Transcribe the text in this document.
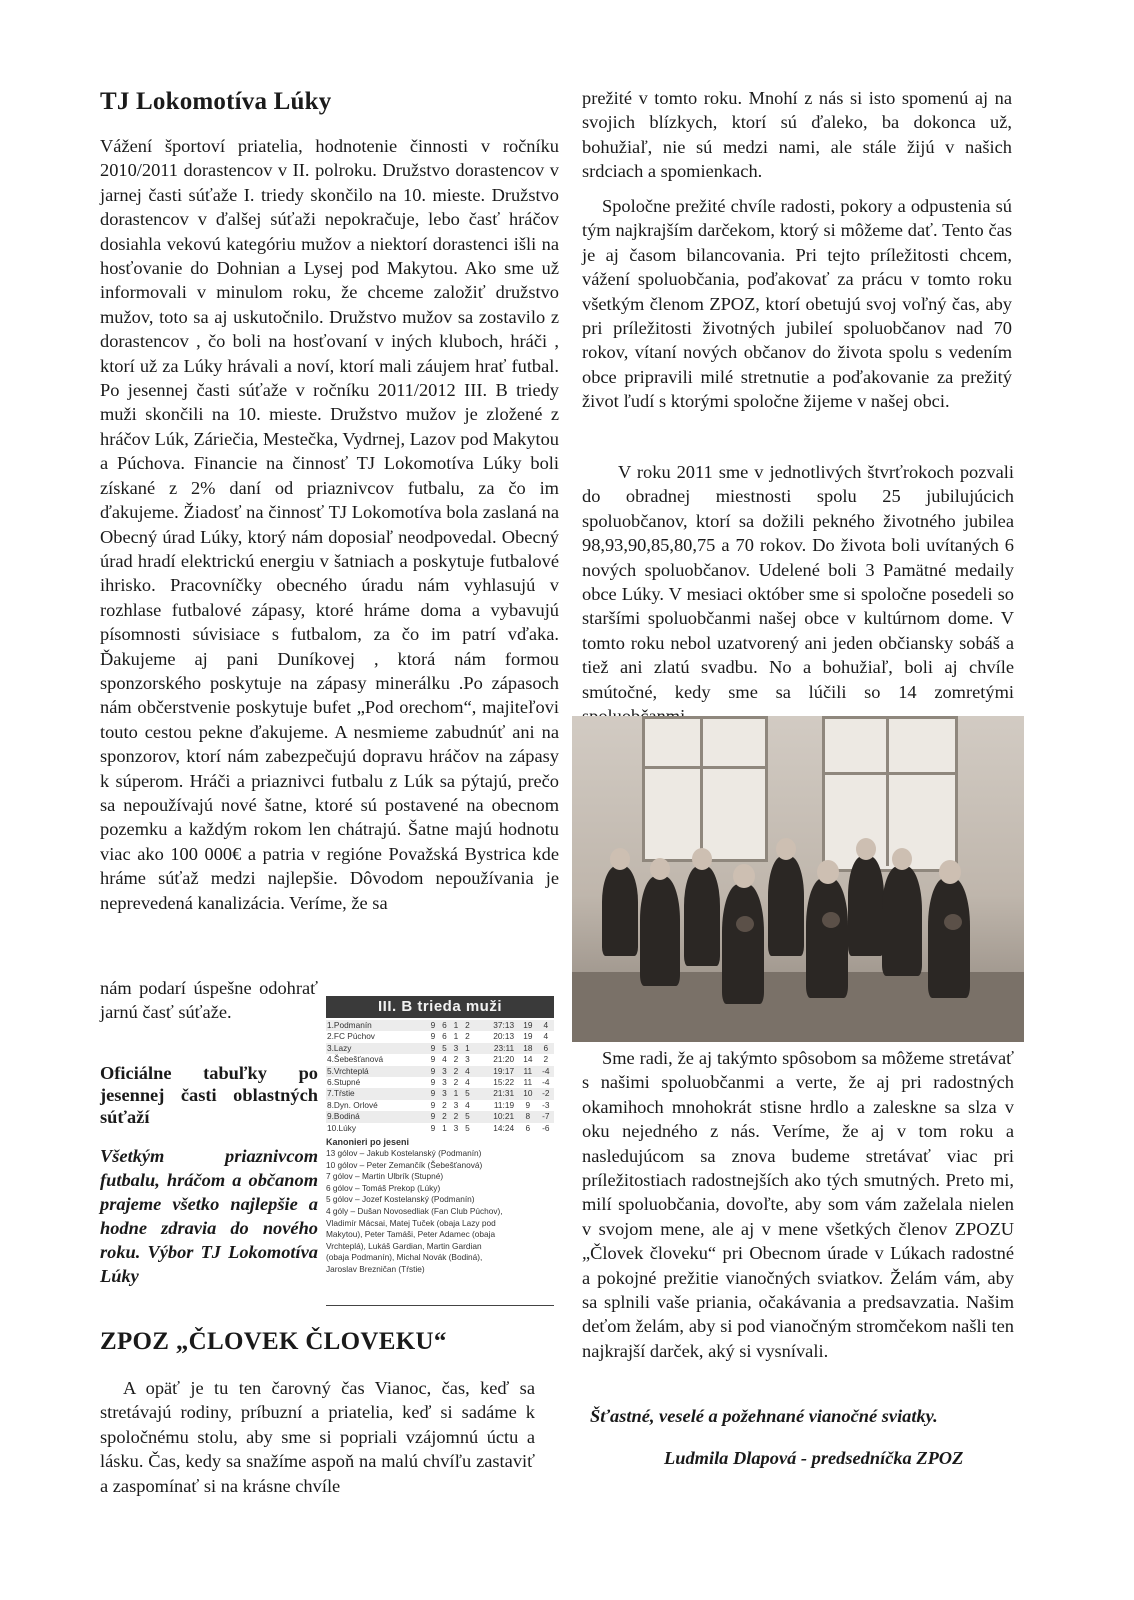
TJ Lokomotíva Lúky

Vážení športoví priatelia, hodnotenie činnosti v ročníku 2010/2011 dorastencov v II. polroku. Družstvo dorastencov v jarnej časti súťaže I. triedy skončilo na 10. mieste. Družstvo dorastencov v ďalšej súťaži nepokračuje, lebo časť hráčov dosiahla vekovú kategóriu mužov a niektorí dorastenci išli na hosťovanie do Dohnian a Lysej pod Makytou. Ako sme už informovali v minulom roku, že chceme založiť družstvo mužov, toto sa aj uskutočnilo. Družstvo mužov sa zostavilo z dorastencov , čo boli na hosťovaní v iných kluboch, hráči , ktorí už za Lúky hrávali a noví, ktorí mali záujem hrať futbal. Po jesennej časti súťaže v ročníku 2011/2012 III. B triedy muži skončili na 10. mieste. Družstvo mužov je zložené z hráčov Lúk, Záriečia, Mestečka, Vydrnej, Lazov pod Makytou a Púchova. Financie na činnosť TJ Lokomotíva Lúky boli získané z 2% daní od priaznivcov futbalu, za čo im ďakujeme. Žiadosť na činnosť TJ Lokomotíva bola zaslaná na Obecný úrad Lúky, ktorý nám doposiaľ neodpovedal. Obecný úrad hradí elektrickú energiu v šatniach a poskytuje futbalové ihrisko. Pracovníčky obecného úradu nám vyhlasujú v rozhlase futbalové zápasy, ktoré hráme doma a vybavujú písomnosti súvisiace s futbalom, za čo im patrí vďaka. Ďakujeme aj pani Duníkovej , ktorá nám formou sponzorského poskytuje na zápasy minerálku .Po zápasoch nám občerstvenie poskytuje bufet „Pod orechom“, majiteľovi touto cestou pekne ďakujeme. A nesmieme zabudnúť ani na sponzorov, ktorí nám zabezpečujú dopravu hráčov na zápasy k súperom. Hráči a priaznivci futbalu z Lúk sa pýtajú, prečo sa nepoužívajú nové šatne, ktoré sú postavené na obecnom pozemku a každým rokom len chátrajú. Šatne majú hodnotu viac ako 100 000€ a patria v regióne Považská Bystrica kde hráme súťaž medzi najlepšie. Dôvodom nepoužívania je neprevedená kanalizácia. Veríme, že sa

nám podarí úspešne odohrať jarnú časť súťaže.

Oficiálne tabuľky po jesennej časti oblastných súťaží
Všetkým priaznivcom futbalu, hráčom a občanom prajeme všetko najlepšie a hodne zdravia do nového roku. Výbor TJ Lokomotíva Lúky
III. B trieda muži
1.Podmanín	9	6	1	2	37:13	19	4
2.FC Púchov	9	6	1	2	20:13	19	4
3.Lazy	9	5	3	1	23:11	18	6
4.Šebešťanová	9	4	2	3	21:20	14	2
5.Vrchteplá	9	3	2	4	19:17	11	-4
6.Stupné	9	3	2	4	15:22	11	-4
7.Tŕstie	9	3	1	5	21:31	10	-2
8.Dyn. Orlové	9	2	3	4	11:19	9	-3
9.Bodiná	9	2	2	5	10:21	8	-7
10.Lúky	9	1	3	5	14:24	6	-6
Kanonieri po jeseni
13 gólov – Jakub Kostelanský (Podmanín)
10 gólov – Peter Zemančík (Šebešťanová)
7 gólov – Martin Ulbrík (Stupné)
6 gólov – Tomáš Prekop (Lúky)
5 gólov – Jozef Kostelanský (Podmanín)
4 góly – Dušan Novosedliak (Fan Club Púchov),
Vladimír Mácsai, Matej Tuček (obaja Lazy pod
Makytou), Peter Tamáši, Peter Adamec (obaja
Vrchteplá), Lukáš Gardian, Martin Gardian
(obaja Podmanín), Michal Novák (Bodiná),
Jaroslav Brezničan (Tŕstie)
ZPOZ „ČLOVEK ČLOVEKU“

A opäť je tu ten čarovný čas Vianoc, čas, keď sa stretávajú rodiny, príbuzní a priatelia, keď si sadáme k spoločnému stolu, aby sme si popriali vzájomnú úctu a lásku. Čas, kedy sa snažíme aspoň na malú chvíľu zastaviť a zaspomínať si na krásne chvíle

prežité v tomto roku. Mnohí z nás si isto spomenú aj na svojich blízkych, ktorí sú ďaleko, ba dokonca už, bohužiaľ, nie sú medzi nami, ale stále žijú v našich srdciach a spomienkach.

Spoločne prežité chvíle radosti, pokory a odpustenia sú tým najkrajším darčekom, ktorý si môžeme dať. Tento čas je aj časom bilancovania. Pri tejto príležitosti chcem, vážení spoluobčania, poďakovať za prácu v tomto roku všetkým členom ZPOZ, ktorí obetujú svoj voľný čas, aby pri príležitosti životných jubileí spoluobčanov nad 70 rokov, vítaní nových občanov do života spolu s vedením obce pripravili milé stretnutie a poďakovanie za prežitý život ľudí s ktorými spoločne žijeme v našej obci.

V roku 2011 sme v jednotlivých štvrťrokoch pozvali do obradnej miestnosti spolu 25 jubilujúcich spoluobčanov, ktorí sa dožili pekného životného jubilea 98,93,90,85,80,75 a 70 rokov. Do života boli uvítaných 6 nových spoluobčanov. Udelené boli 3 Pamätné medaily obce Lúky. V mesiaci október sme si spoločne posedeli so staršími spoluobčanmi našej obce v kultúrnom dome. V tomto roku nebol uzatvorený ani jeden občiansky sobáš a tiež ani zlatú svadbu. No a bohužiaľ, boli aj chvíle smútočné, kedy sme sa lúčili so 14 zomretými

Sme radi, že aj takýmto spôsobom sa môžeme stretávať s našimi spoluobčanmi a verte, že aj pri radostných okamihoch mnohokrát stisne hrdlo a zaleskne sa slza v oku nejedného z nás. Veríme, že aj v tom roku a nasledujúcom sa znova budeme stretávať viac pri príležitostiach radostnejších ako tých smutných. Preto mi, milí spoluobčania, dovoľte, aby som vám zaželala nielen v svojom mene, ale aj v mene všetkých členov ZPOZU „Človek človeku“ pri Obecnom úrade v Lúkach radostné a pokojné prežitie vianočných sviatkov. Želám vám, aby sa splnili vaše priania, očakávania a predsavzatia. Našim deťom želám, aby si pod vianočným stromčekom našli ten najkrajší darček, aký si vysnívali.

Šťastné, veselé a požehnané vianočné sviatky.
Ludmila Dlapová - predsedníčka ZPOZ
